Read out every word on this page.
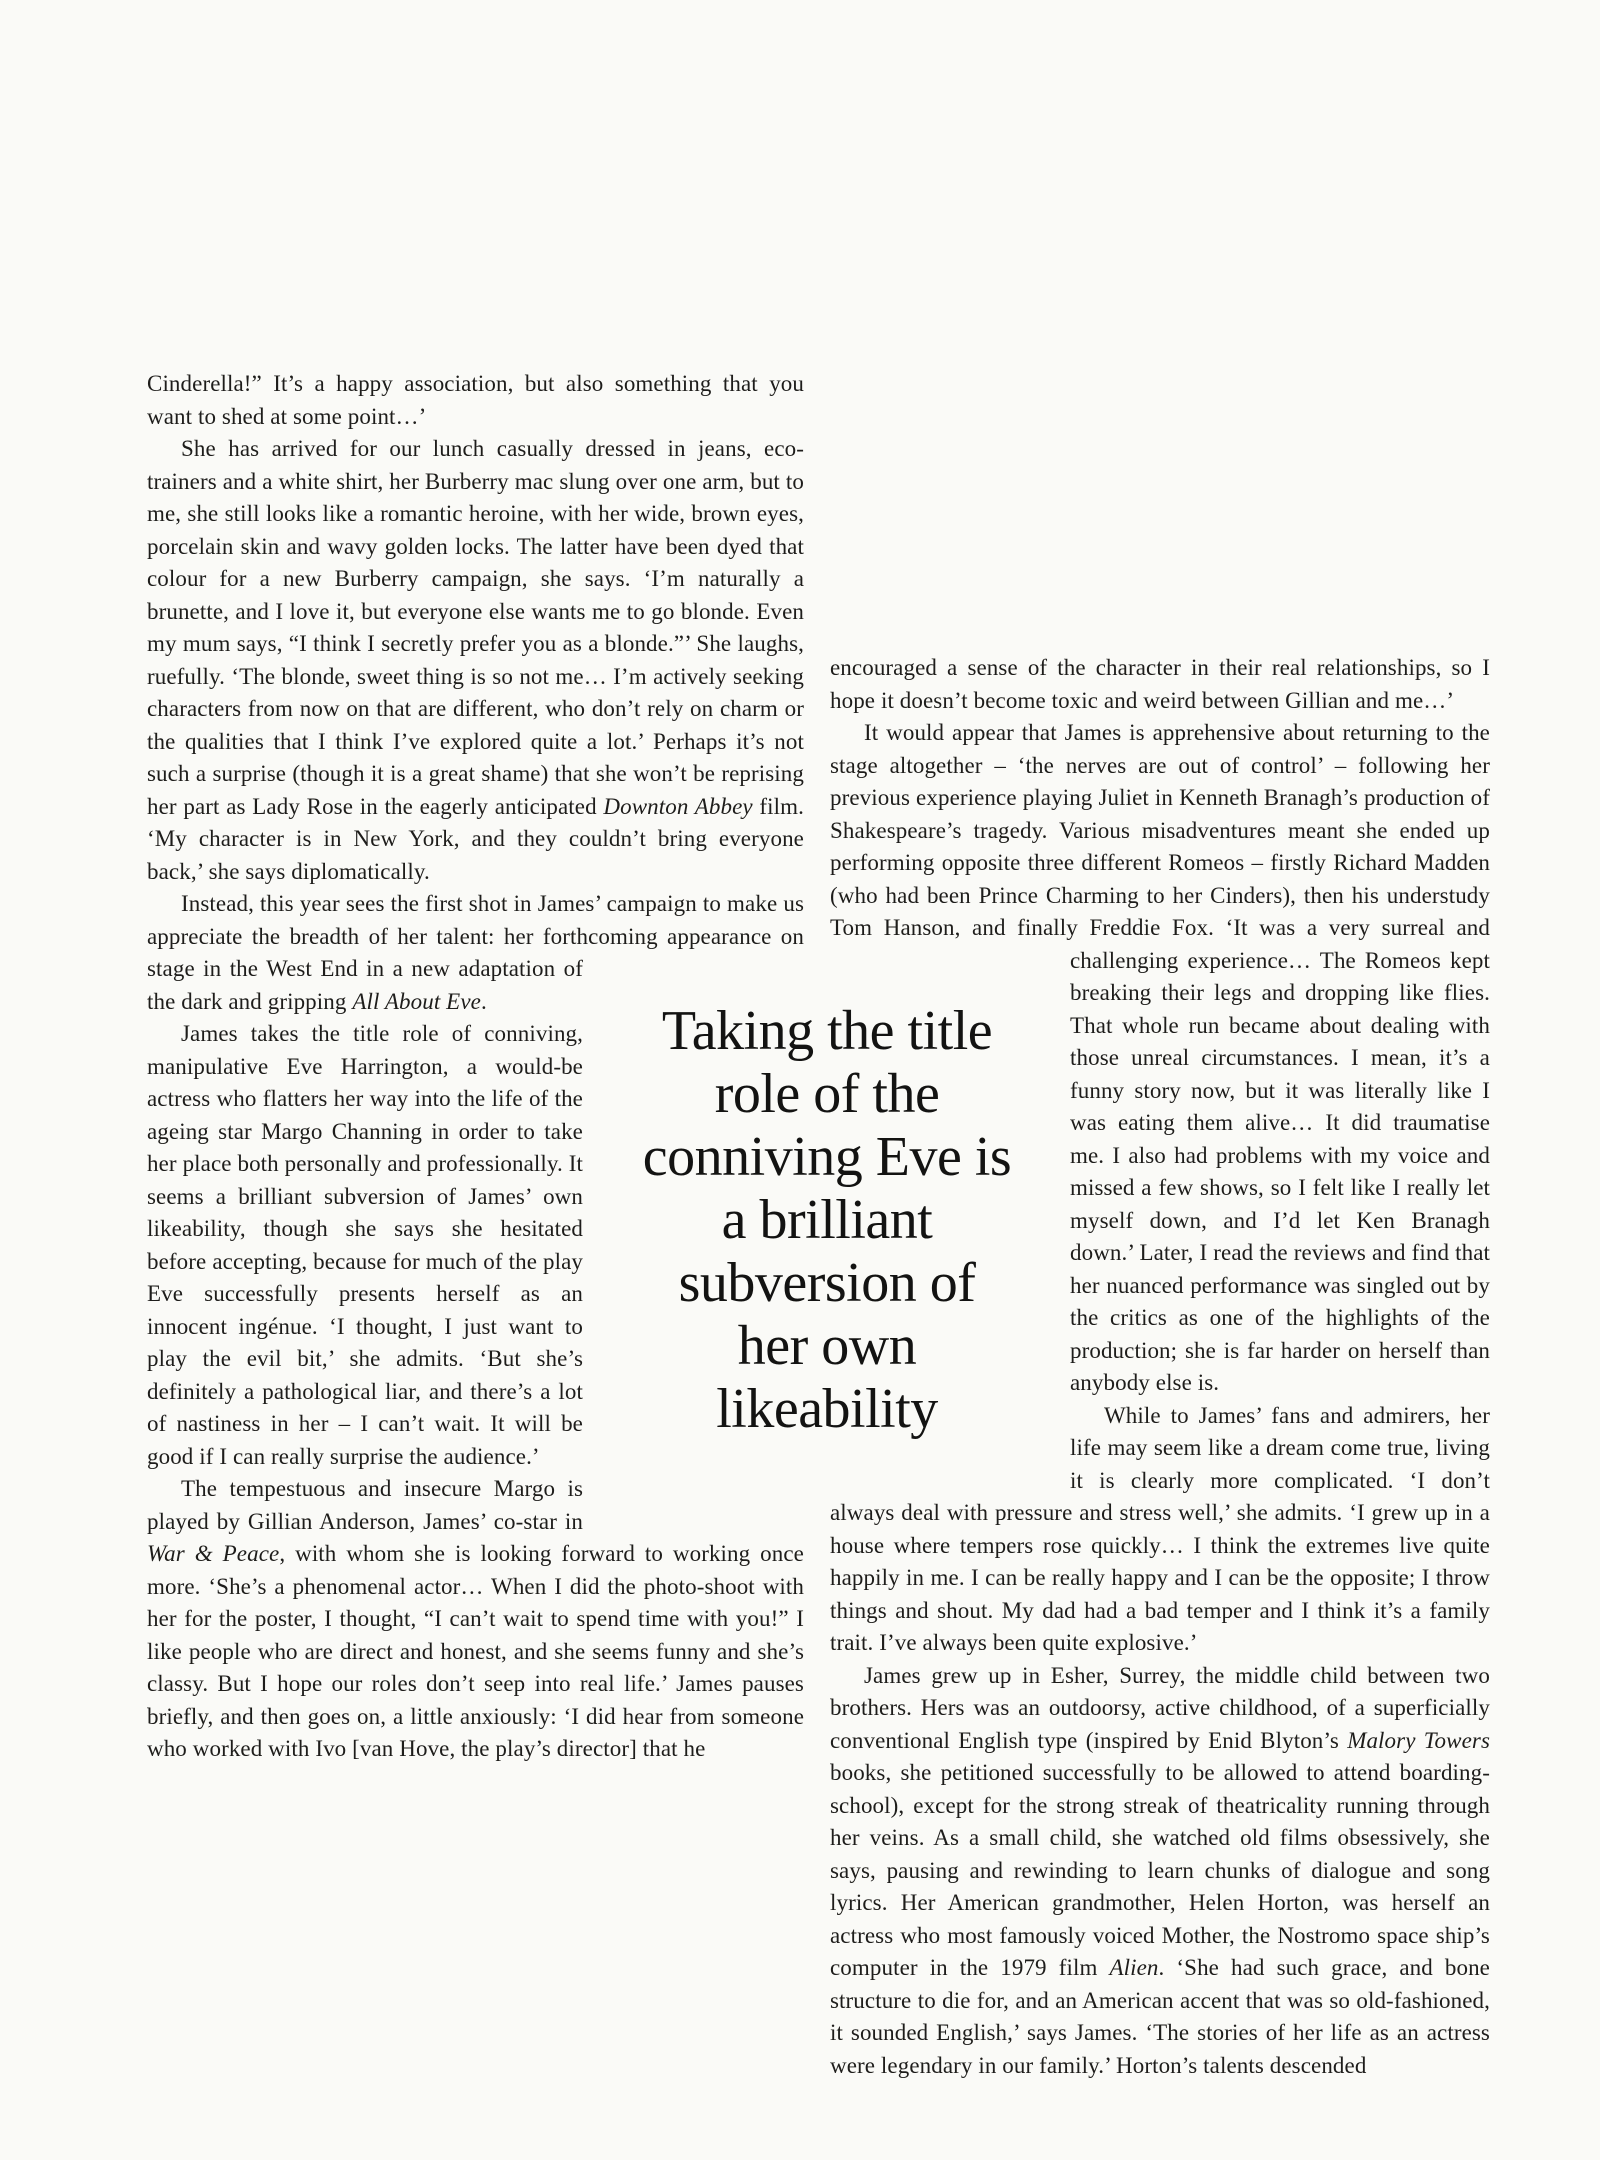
Cinderella!” It’s a happy association, but also something that you want to shed at some point…’

She has arrived for our lunch casually dressed in jeans, eco-trainers and a white shirt, her Burberry mac slung over one arm, but to me, she still looks like a romantic heroine, with her wide, brown eyes, porcelain skin and wavy golden locks. The latter have been dyed that colour for a new Burberry campaign, she says. ‘I’m naturally a brunette, and I love it, but everyone else wants me to go blonde. Even my mum says, “I think I secretly prefer you as a blonde.”’ She laughs, ruefully. ‘The blonde, sweet thing is so not me… I’m actively seeking characters from now on that are different, who don’t rely on charm or the qualities that I think I’ve explored quite a lot.’ Perhaps it’s not such a surprise (though it is a great shame) that she won’t be reprising her part as Lady Rose in the eagerly anticipated Downton Abbey film. ‘My character is in New York, and they couldn’t bring everyone back,’ she says diplomatically.

Instead, this year sees the first shot in James’ campaign to make us appreciate the breadth of her talent: her forthcoming appearance
on stage in the West End in a new adaptation of the dark and gripping All About Eve.

James takes the title role of conniving, manipulative Eve Harrington, a would-be actress who flatters her way into the life of the ageing star Margo Channing in order to take her place both personally and professionally. It seems a brilliant subversion of James’ own likeability, though she says she hesitated before accepting, because for much of the play Eve successfully presents herself as an innocent ingénue. ‘I thought, I just want to play the evil bit,’ she admits. ‘But she’s definitely a pathological liar, and there’s a lot of nastiness in her – I can’t wait. It will be good if I can really surprise the audience.’

The tempestuous and insecure Margo is played by Gillian Anderson, James’ co-star in War & Peace, with whom she is looking forward to working once more. ‘She’s a phenomenal actor… When I did the photo-shoot with her for the poster, I thought, “I can’t wait to spend time with you!” I like people who are direct and honest, and she seems funny and she’s classy. But I hope our roles don’t seep into real life.’ James pauses briefly, and then goes on, a little anxiously: ‘I did hear from someone who worked with Ivo [van Hove, the play’s director] that he

encouraged a sense of the character in their real relationships, so I hope it doesn’t become toxic and weird between Gillian and me…’

It would appear that James is apprehensive about returning to the stage altogether – ‘the nerves are out of control’ – following her previous experience playing Juliet in Kenneth Branagh’s production of Shakespeare’s tragedy. Various misadventures meant she ended up performing opposite three different Romeos – firstly Richard Madden (who had been Prince Charming to her Cinders), then his understudy Tom Hanson, and finally Freddie Fox. ‘It was a very
surreal and challenging experience… The Romeos kept breaking their legs and dropping like flies. That whole run became about dealing with those unreal circumstances. I mean, it’s a funny story now, but it was literally like I was eating them alive… It did traumatise me. I also had problems with my voice and missed a few shows, so I felt like I really let myself down, and I’d let Ken Branagh down.’ Later, I read the reviews and find that her nuanced performance was singled out by the critics as one of the highlights of the production; she is far harder on herself than anybody else is.

While to James’ fans and admirers, her life may seem like a dream come true, living it is clearly more complicated. ‘I don’t always deal with pressure and stress well,’ she admits. ‘I grew up in a house where tempers rose quickly… I think the extremes live quite happily in me. I can be really happy and I can be the opposite; I throw things and shout. My dad had a bad temper and I think it’s a family trait. I’ve always been quite explosive.’

James grew up in Esher, Surrey, the middle child between two brothers. Hers was an outdoorsy, active childhood, of a superficially conventional English type (inspired by Enid Blyton’s Malory Towers books, she petitioned successfully to be allowed to attend boarding-school), except for the strong streak of theatricality running through her veins. As a small child, she watched old films obsessively, she says, pausing and rewinding to learn chunks of dialogue and song lyrics. Her American grandmother, Helen Horton, was herself an actress who most famously voiced Mother, the Nostromo space ship’s computer in the 1979 film Alien. ‘She had such grace, and bone structure to die for, and an American accent that was so old-fashioned, it sounded English,’ says James. ‘The stories of her life as an actress were legendary in our family.’ Horton’s talents descended

Taking the title
role of the
conniving Eve is
a brilliant
subversion of
her own
likeability
